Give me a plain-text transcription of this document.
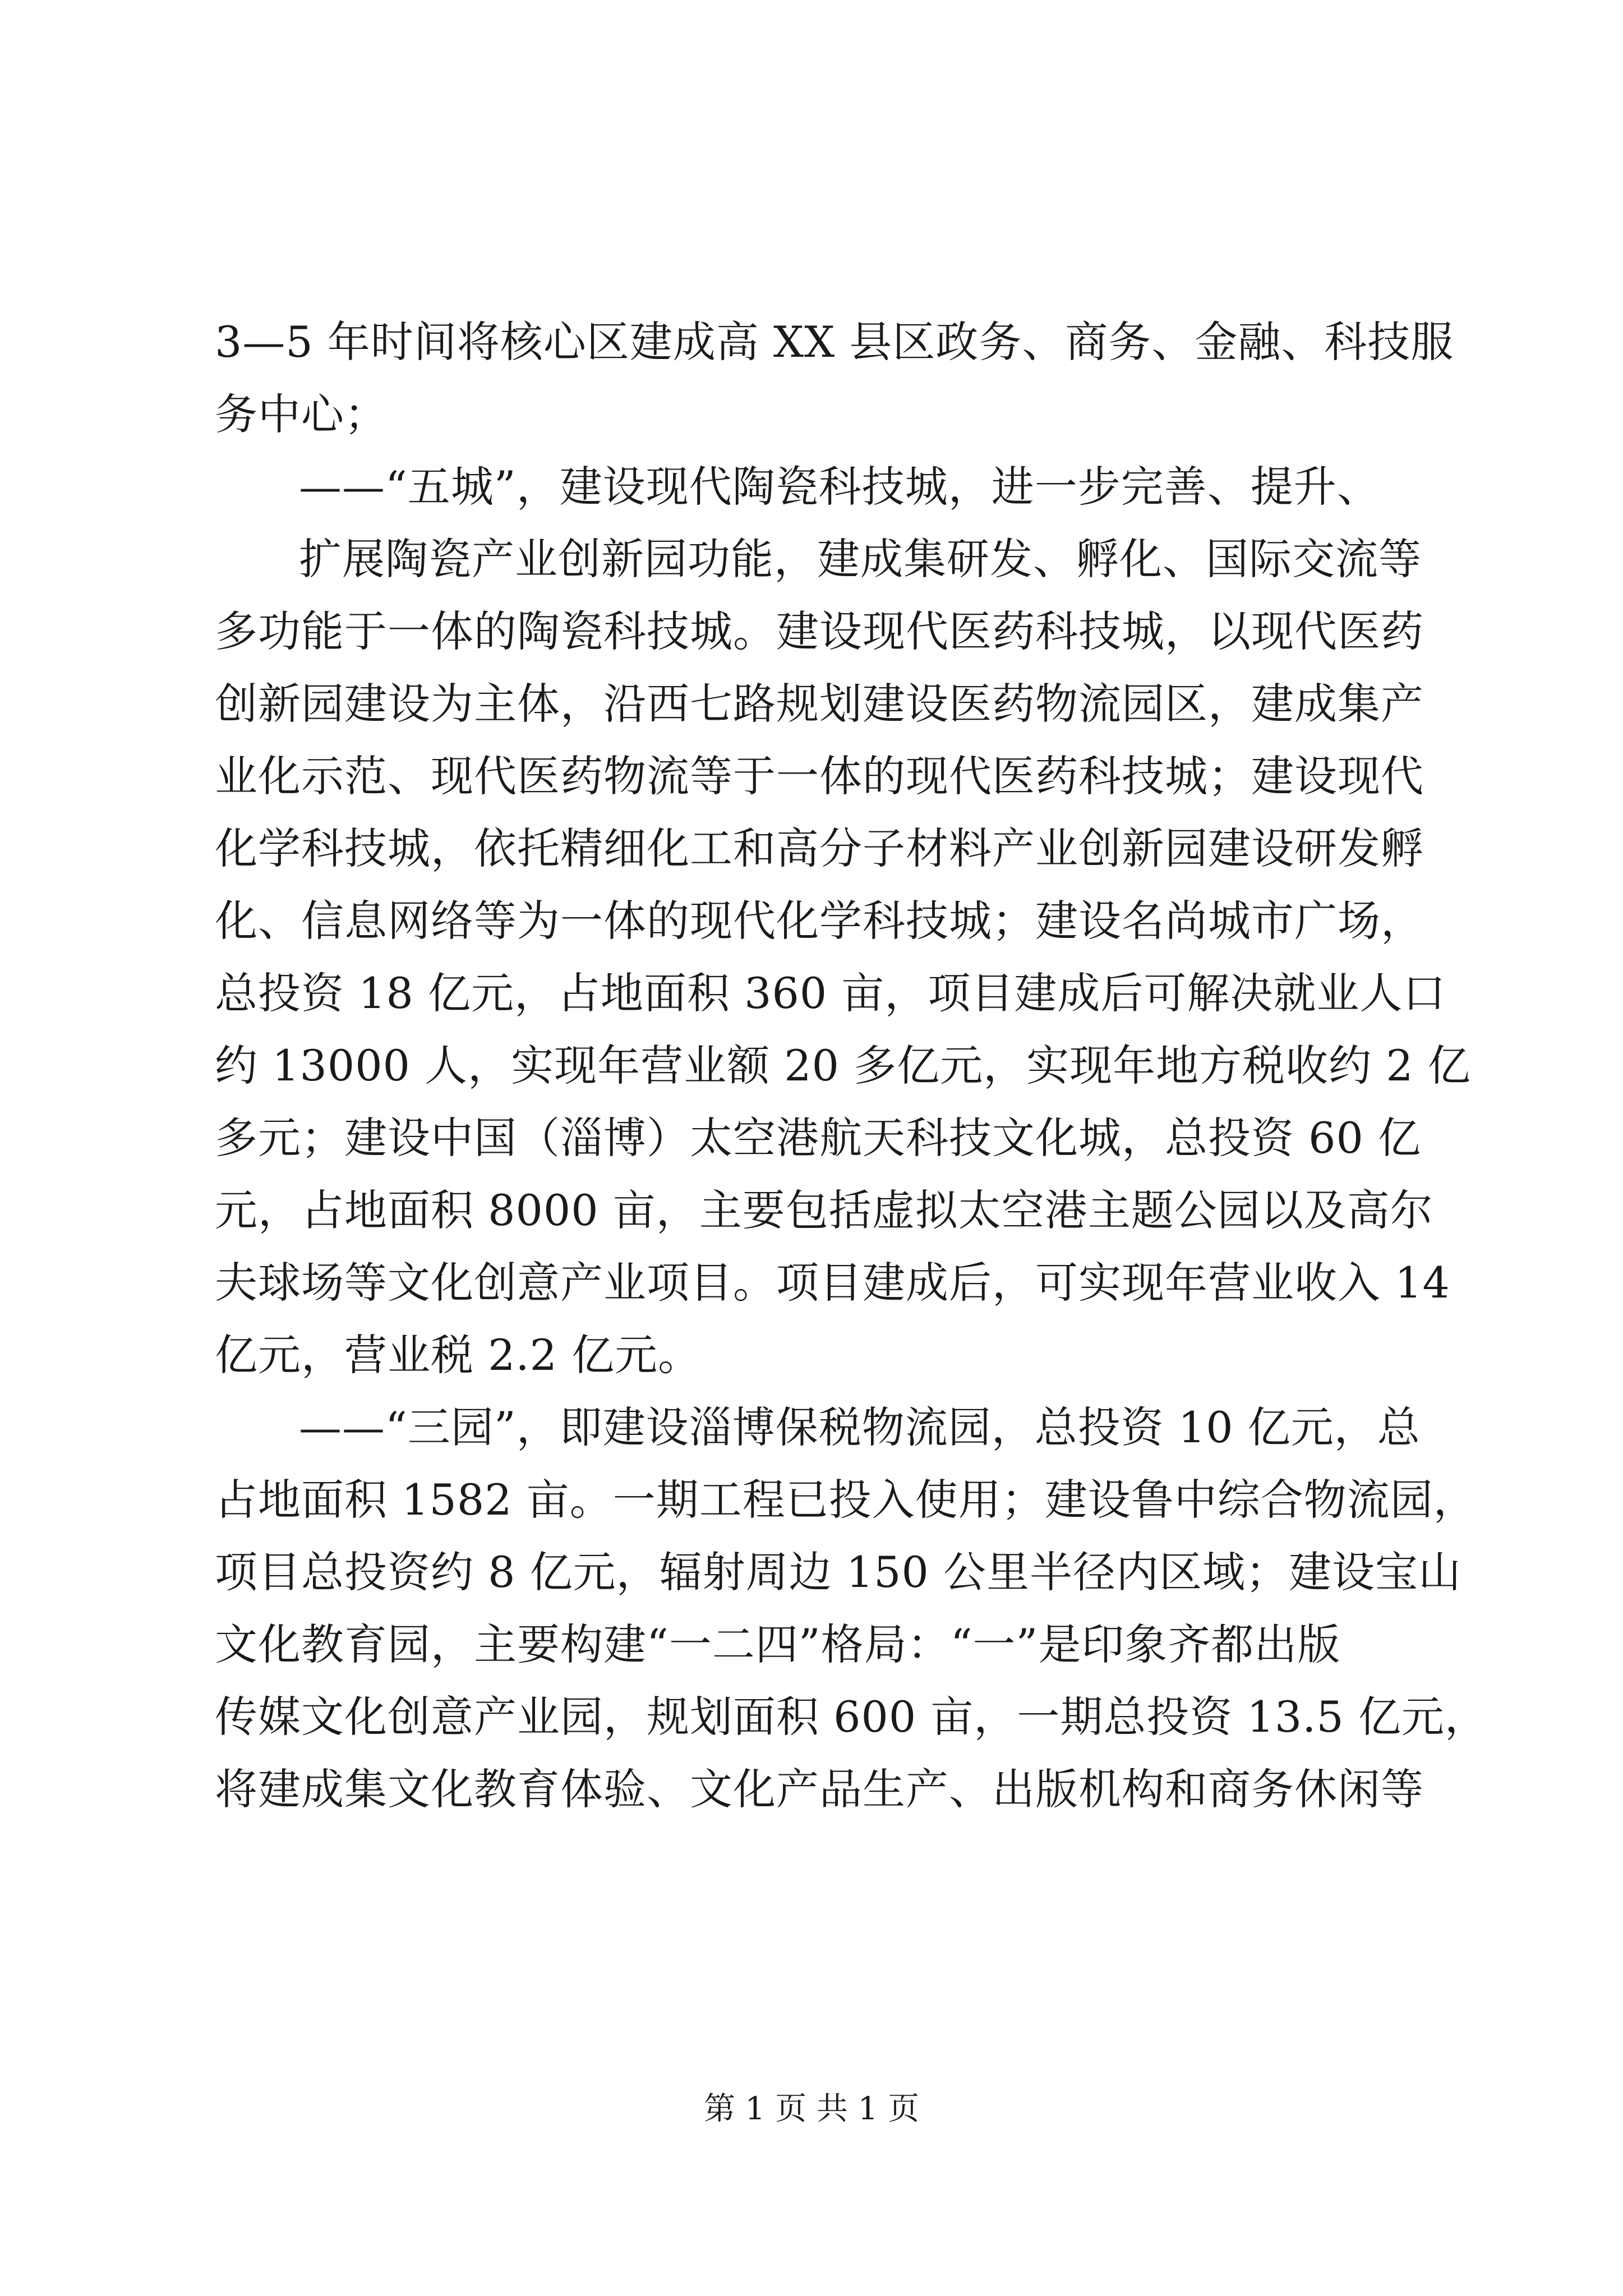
3—5 年时间将核心区建成高 XX 县区政务、商务、金融、科技服
务中心；
——“五城”，建设现代陶瓷科技城，进一步完善、提升、
扩展陶瓷产业创新园功能，建成集研发、孵化、国际交流等
多功能于一体的陶瓷科技城。建设现代医药科技城，以现代医药
创新园建设为主体，沿西七路规划建设医药物流园区，建成集产
业化示范、现代医药物流等于一体的现代医药科技城；建设现代
化学科技城，依托精细化工和高分子材料产业创新园建设研发孵
化、信息网络等为一体的现代化学科技城；建设名尚城市广场，
总投资 18 亿元，占地面积 360 亩，项目建成后可解决就业人口
约 13000 人，实现年营业额 20 多亿元，实现年地方税收约 2 亿
多元；建设中国（淄博）太空港航天科技文化城，总投资 60 亿
元，占地面积 8000 亩，主要包括虚拟太空港主题公园以及高尔
夫球场等文化创意产业项目。项目建成后，可实现年营业收入 14
亿元，营业税 2.2 亿元。
——“三园”，即建设淄博保税物流园，总投资 10 亿元，总
占地面积 1582 亩。一期工程已投入使用；建设鲁中综合物流园，
项目总投资约 8 亿元，辐射周边 150 公里半径内区域；建设宝山
文化教育园，主要构建“一二四”格局：“一”是印象齐都出版
传媒文化创意产业园，规划面积 600 亩，一期总投资 13.5 亿元，
将建成集文化教育体验、文化产品生产、出版机构和商务休闲等
第 1 页 共 1 页
